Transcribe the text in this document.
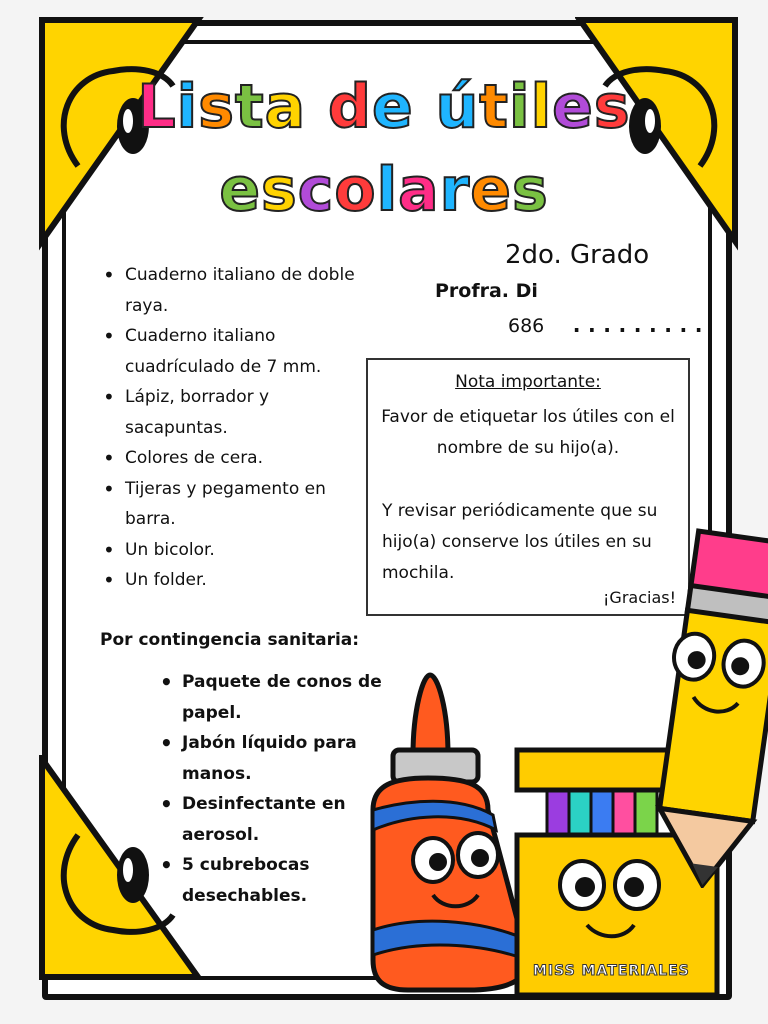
Lista de útiles
escolares
2do. Grado
Profra. Di
686 .........
• Cuaderno italiano de doble raya.
• Cuaderno italiano cuadrículado de 7 mm.
• Lápiz, borrador y sacapuntas.
• Colores de cera.
• Tijeras y pegamento en barra.
• Un bicolor.
• Un folder.
Por contingencia sanitaria:
• Paquete de conos de papel.
• Jabón líquido para manos.
• Desinfectante en aerosol.
• 5 cubrebocas desechables.
Nota importante:
Favor de etiquetar los útiles con el nombre de su hijo(a).
Y revisar periódicamente que su hijo(a) conserve los útiles en su mochila.
¡Gracias!
MISS MATERIALES
